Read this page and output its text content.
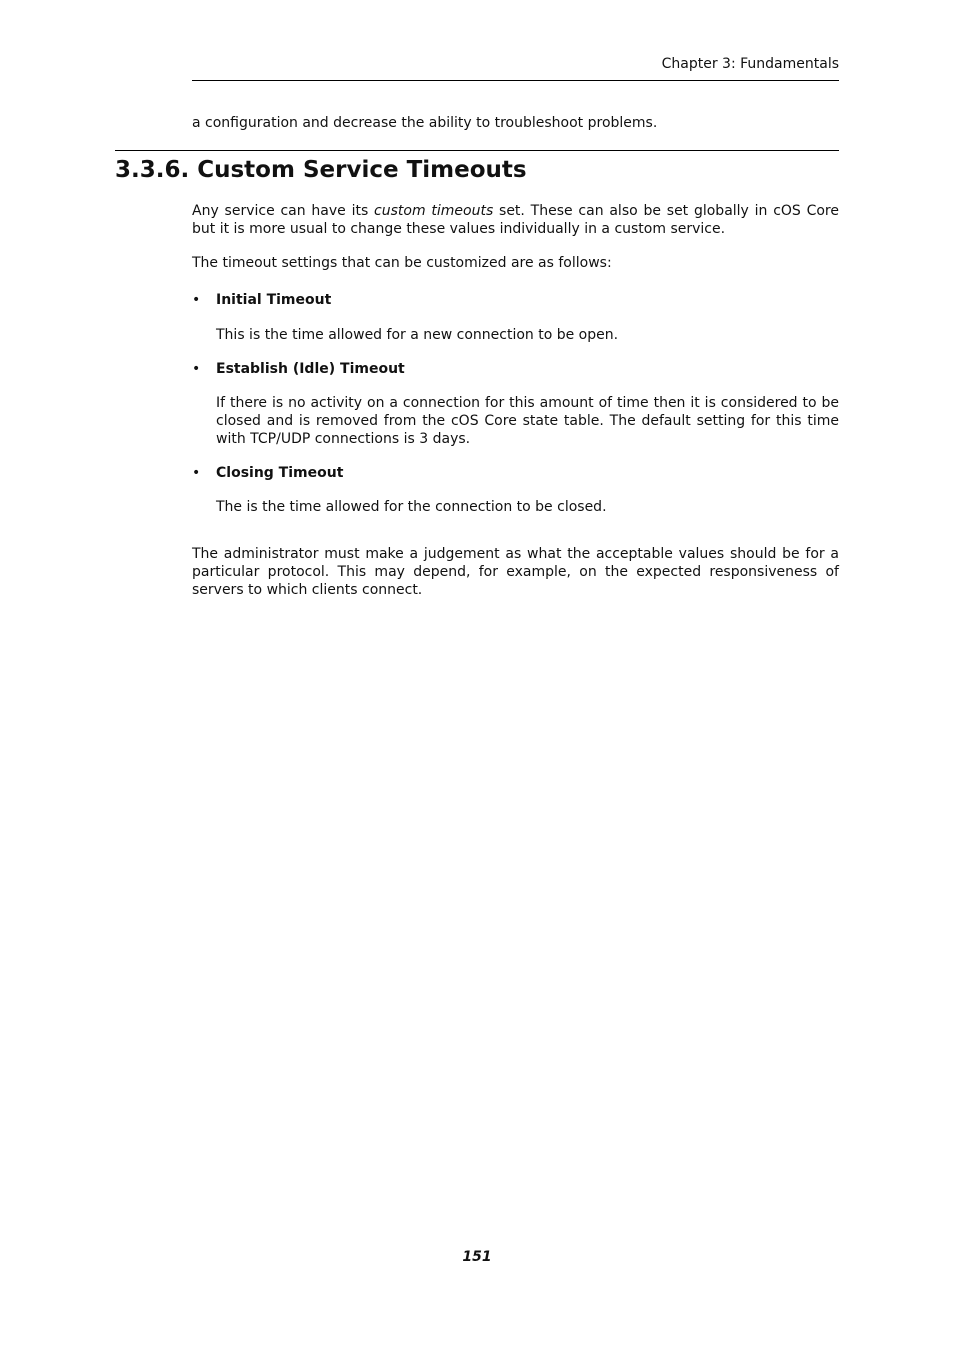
Chapter 3: Fundamentals
a configuration and decrease the ability to troubleshoot problems.
3.3.6. Custom Service Timeouts
Any service can have its custom timeouts set. These can also be set globally in cOS Core but it is more usual to change these values individually in a custom service.
The timeout settings that can be customized are as follows:
• Initial Timeout
This is the time allowed for a new connection to be open.
• Establish (Idle) Timeout
If there is no activity on a connection for this amount of time then it is considered to be closed and is removed from the cOS Core state table. The default setting for this time with TCP/UDP connections is 3 days.
• Closing Timeout
The is the time allowed for the connection to be closed.
The administrator must make a judgement as what the acceptable values should be for a particular protocol. This may depend, for example, on the expected responsiveness of servers to which clients connect.
151
